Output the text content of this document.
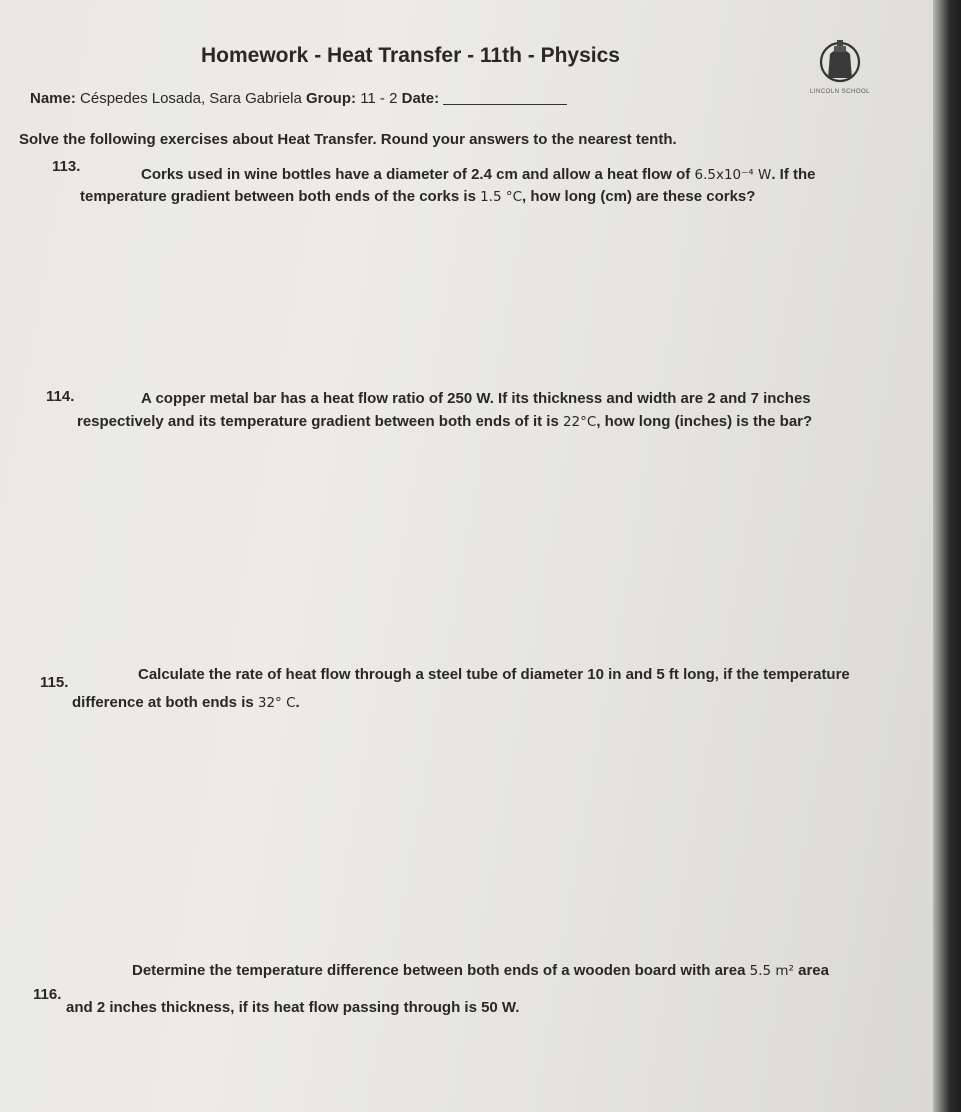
Homework - Heat Transfer - 11th - Physics
LINCOLN SCHOOL
Name: Céspedes Losada, Sara Gabriela Group: 11 - 2 Date:
Solve the following exercises about Heat Transfer. Round your answers to the nearest tenth.
113.	Corks used in wine bottles have a diameter of 2.4 cm and allow a heat flow of 6.5x10⁻⁴ W. If the
temperature gradient between both ends of the corks is 1.5 °C, how long (cm) are these corks?
114.	A copper metal bar has a heat flow ratio of 250 W. If its thickness and width are 2 and 7 inches
respectively and its temperature gradient between both ends of it is 22°C, how long (inches) is the bar?
115.	Calculate the rate of heat flow through a steel tube of diameter 10 in and 5 ft long, if the temperature
difference at both ends is 32° C.
116.
Determine the temperature difference between both ends of a wooden board with area 5.5 m² area
and 2 inches thickness, if its heat flow passing through is 50 W.
